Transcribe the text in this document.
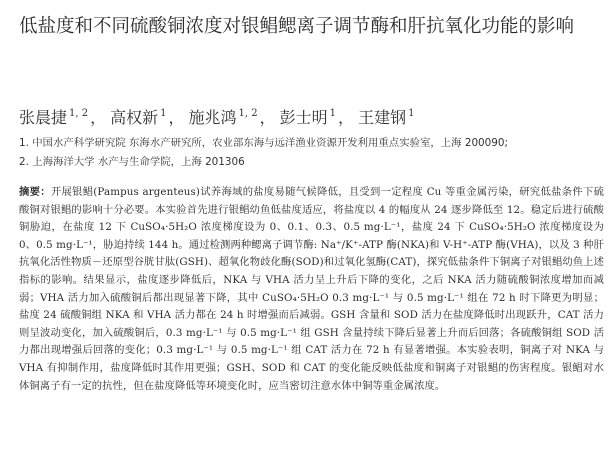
低盐度和不同硫酸铜浓度对银鲳鳃离子调节酶和肝抗氧化功能的影响
张晨捷 $^{1, 2}$ ， 高权新 $^1$ ， 施兆鸿 $^{1, 2}$ ， 彭士明 $^1$ ， 王建钢 $^1$
1. 中国水产科学研究院 东海水产研究所，农业部东海与远洋渔业资源开发利用重点实验室，上海 200090;
2. 上海海洋大学 水产与生命学院，上海 201306

摘要：开展银鲳(Pampus argenteus)试养海域的盐度易随气候降低，且受到一定程度 Cu 等重金属污染，研究低盐条件下硫酸铜对银鲳的影响十分必要。本实验首先进行银鲳幼鱼低盐度适应，将盐度以 4 的幅度从 24 逐步降低至 12。稳定后进行硫酸铜胁迫，在盐度 12 下 CuSO₄·5H₂O 浓度梯度设为 0、0.1、0.3、0.5 mg·L⁻¹，盐度 24 下 CuSO₄·5H₂O 浓度梯度设为 0、0.5 mg·L⁻¹，胁迫持续 144 h。通过检测两种鳃离子调节酶: Na⁺/K⁺-ATP 酶(NKA)和 V-H⁺-ATP 酶(VHA)，以及 3 种肝抗氧化活性物质－还原型谷胱甘肽(GSH)、超氧化物歧化酶(SOD)和过氧化氢酶(CAT)，探究低盐条件下铜离子对银鲳幼鱼上述指标的影响。结果显示，盐度逐步降低后，NKA 与 VHA 活力呈上升后下降的变化，之后 NKA 活力随硫酸铜浓度增加而减弱；VHA 活力加入硫酸铜后都出现显著下降，其中 CuSO₄·5H₂O 0.3 mg·L⁻¹ 与 0.5 mg·L⁻¹ 组在 72 h 时下降更为明显；盐度 24 硫酸铜组 NKA 和 VHA 活力都在 24 h 时增强而后减弱。GSH 含量和 SOD 活力在盐度降低时出现跃升，CAT 活力则呈波动变化，加入硫酸铜后，0.3 mg·L⁻¹ 与 0.5 mg·L⁻¹ 组 GSH 含量持续下降后显著上升而后回落；各硫酸铜组 SOD 活力都出现增强后回落的变化；0.3 mg·L⁻¹ 与 0.5 mg·L⁻¹ 组 CAT 活力在 72 h 有显著增强。本实验表明，铜离子对 NKA 与 VHA 有抑制作用，盐度降低时其作用更强；GSH、SOD 和 CAT 的变化能反映低盐度和铜离子对银鲳的伤害程度。银鲳对水体铜离子有一定的抗性，但在盐度降低等环境变化时，应当密切注意水体中铜等重金属浓度。
